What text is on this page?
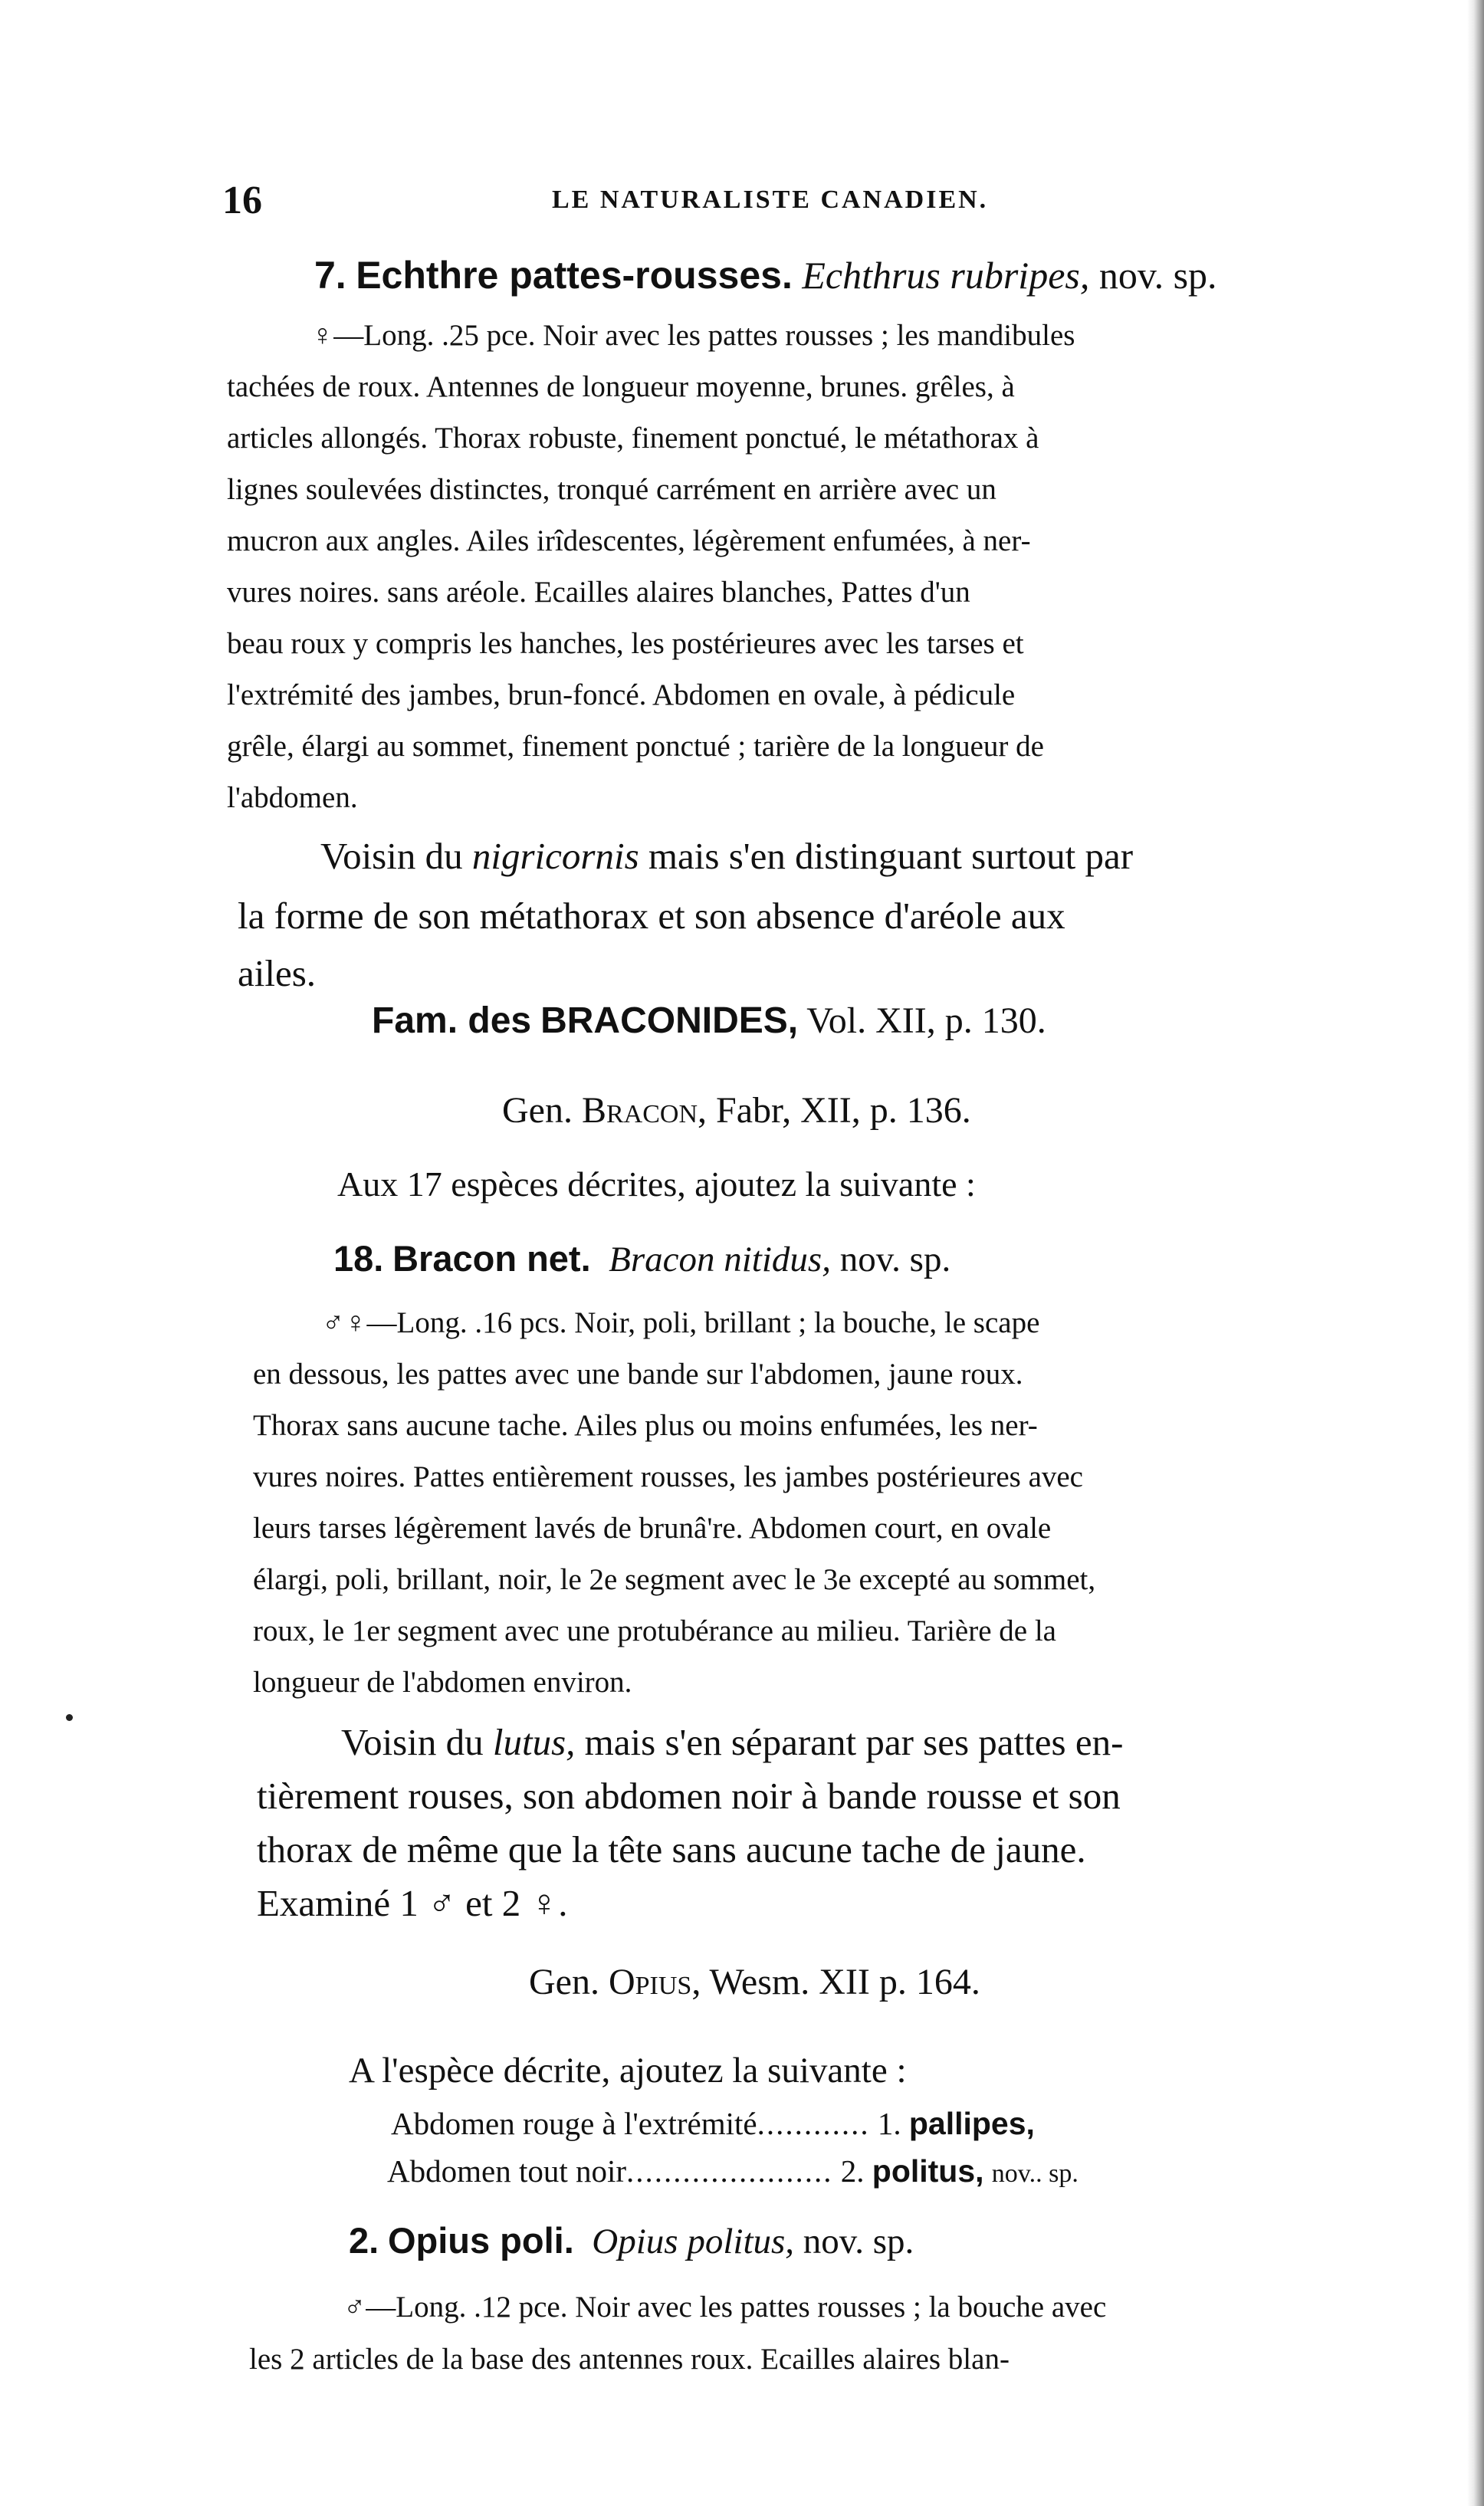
16	LE NATURALISTE CANADIEN.
7. Echthre pattes-rousses. Echthrus rubripes, nov. sp.
♀—Long. .25 pce. Noir avec les pattes rousses ; les mandibules
tachées de roux. Antennes de longueur moyenne, brunes. grêles, à
articles allongés. Thorax robuste, finement ponctué, le métathorax à
lignes soulevées distinctes, tronqué carrément en arrière avec un
mucron aux angles. Ailes irîdescentes, légèrement enfumées, à ner-
vures noires. sans aréole. Ecailles alaires blanches, Pattes d'un
beau roux y compris les hanches, les postérieures avec les tarses et
l'extrémité des jambes, brun-foncé. Abdomen en ovale, à pédicule
grêle, élargi au sommet, finement ponctué ; tarière de la longueur de
l'abdomen.
Voisin du nigricornis mais s'en distinguant surtout par
la forme de son métathorax et son absence d'aréole aux
ailes.
Fam. des BRACONIDES, Vol. XII, p. 130.
Gen. Bracon, Fabr, XII, p. 136.
Aux 17 espèces décrites, ajoutez la suivante :
18. Bracon net. Bracon nitidus, nov. sp.
♂♀—Long. .16 pcs. Noir, poli, brillant ; la bouche, le scape
en dessous, les pattes avec une bande sur l'abdomen, jaune roux.
Thorax sans aucune tache. Ailes plus ou moins enfumées, les ner-
vures noires. Pattes entièrement rousses, les jambes postérieures avec
leurs tarses légèrement lavés de brunâ're. Abdomen court, en ovale
élargi, poli, brillant, noir, le 2e segment avec le 3e excepté au sommet,
roux, le 1er segment avec une protubérance au milieu. Tarière de la
longueur de l'abdomen environ.
Voisin du lutus, mais s'en séparant par ses pattes en-
tièrement rouses, son abdomen noir à bande rousse et son
thorax de même que la tête sans aucune tache de jaune.
Examiné 1 ♂ et 2 ♀.
Gen. Opius, Wesm. XII p. 164.
A l'espèce décrite, ajoutez la suivante :
Abdomen rouge à l'extrémité............ 1. pallipes,
Abdomen tout noir...................... 2. politus, nov.. sp.
2. Opius poli. Opius politus, nov. sp.
♂—Long. .12 pce. Noir avec les pattes rousses ; la bouche avec
les 2 articles de la base des antennes roux. Ecailles alaires blan-
